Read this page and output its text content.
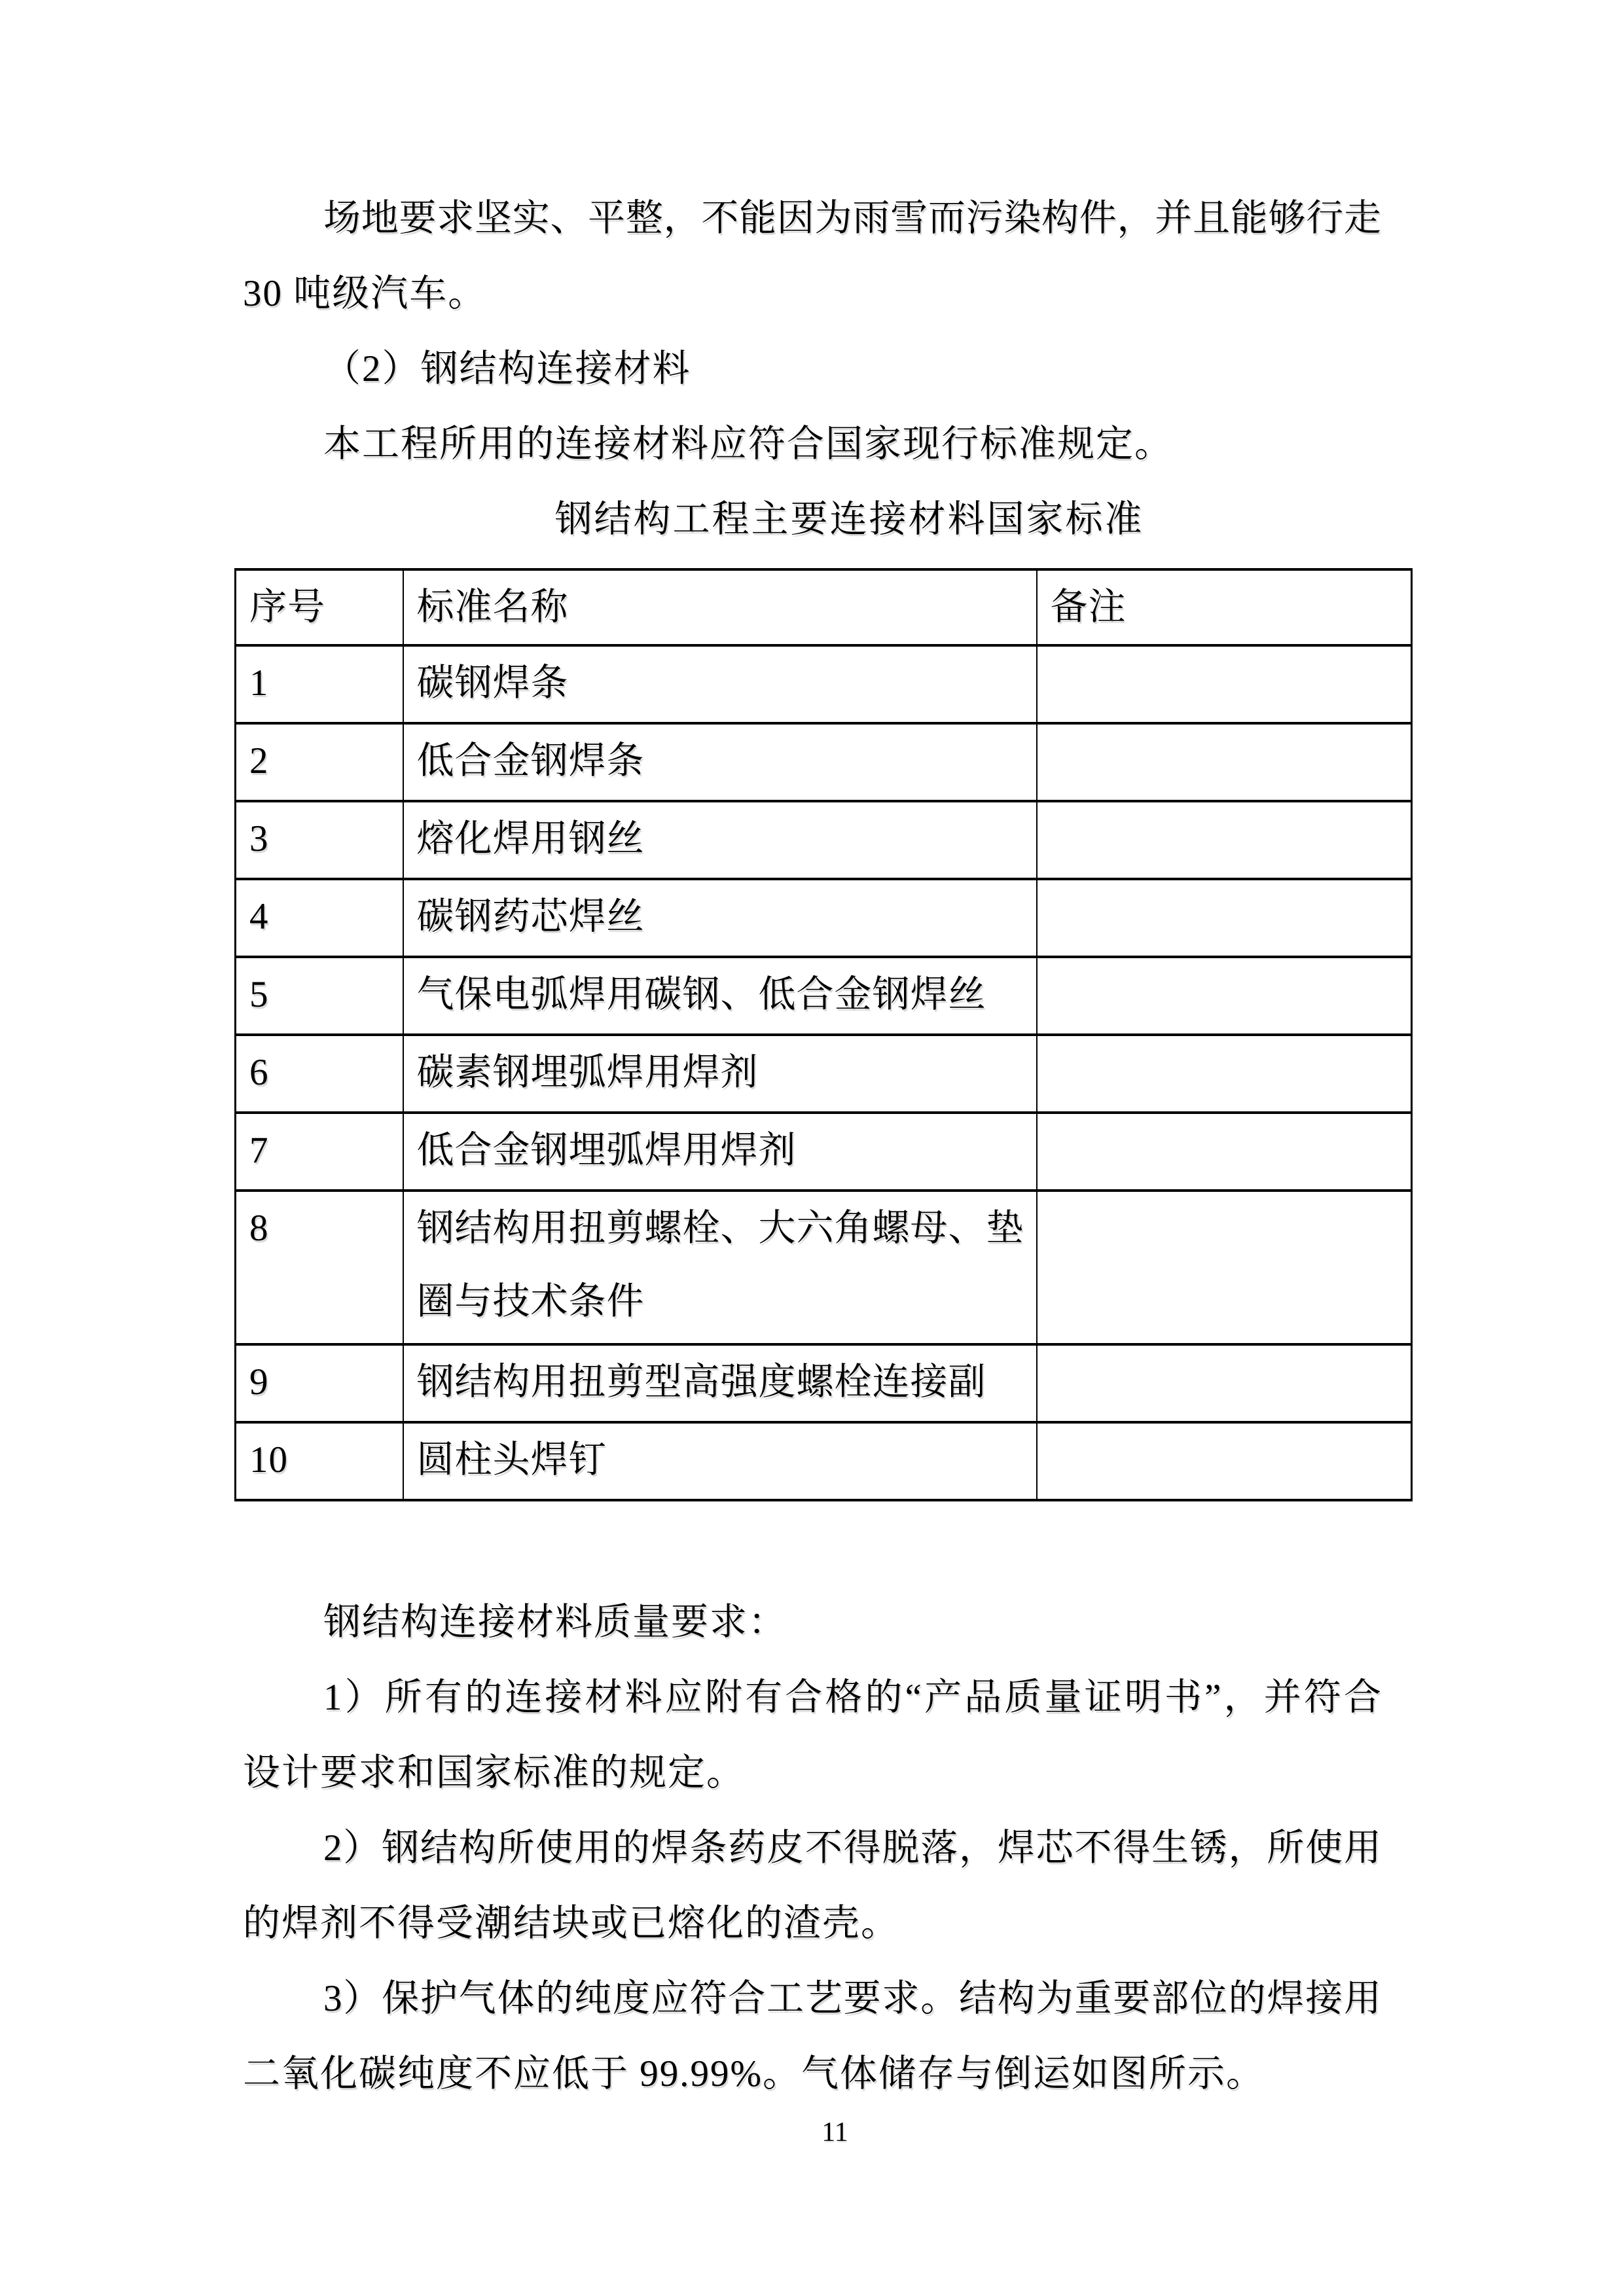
场地要求坚实、平整，不能因为雨雪而污染构件，并且能够行走
30 吨级汽车。
（2）钢结构连接材料
本工程所用的连接材料应符合国家现行标准规定。
钢结构工程主要连接材料国家标准
序号	标准名称	备注
1	碳钢焊条	
2	低合金钢焊条	
3	熔化焊用钢丝	
4	碳钢药芯焊丝	
5	气保电弧焊用碳钢、低合金钢焊丝	
6	碳素钢埋弧焊用焊剂	
7	低合金钢埋弧焊用焊剂	
8	钢结构用扭剪螺栓、大六角螺母、垫圈与技术条件	
9	钢结构用扭剪型高强度螺栓连接副	
10	圆柱头焊钉	
钢结构连接材料质量要求：
1）所有的连接材料应附有合格的“产品质量证明书”，并符合
设计要求和国家标准的规定。
2）钢结构所使用的焊条药皮不得脱落，焊芯不得生锈，所使用
的焊剂不得受潮结块或已熔化的渣壳。
3）保护气体的纯度应符合工艺要求。结构为重要部位的焊接用
二氧化碳纯度不应低于 99.99%。气体储存与倒运如图所示。
11
